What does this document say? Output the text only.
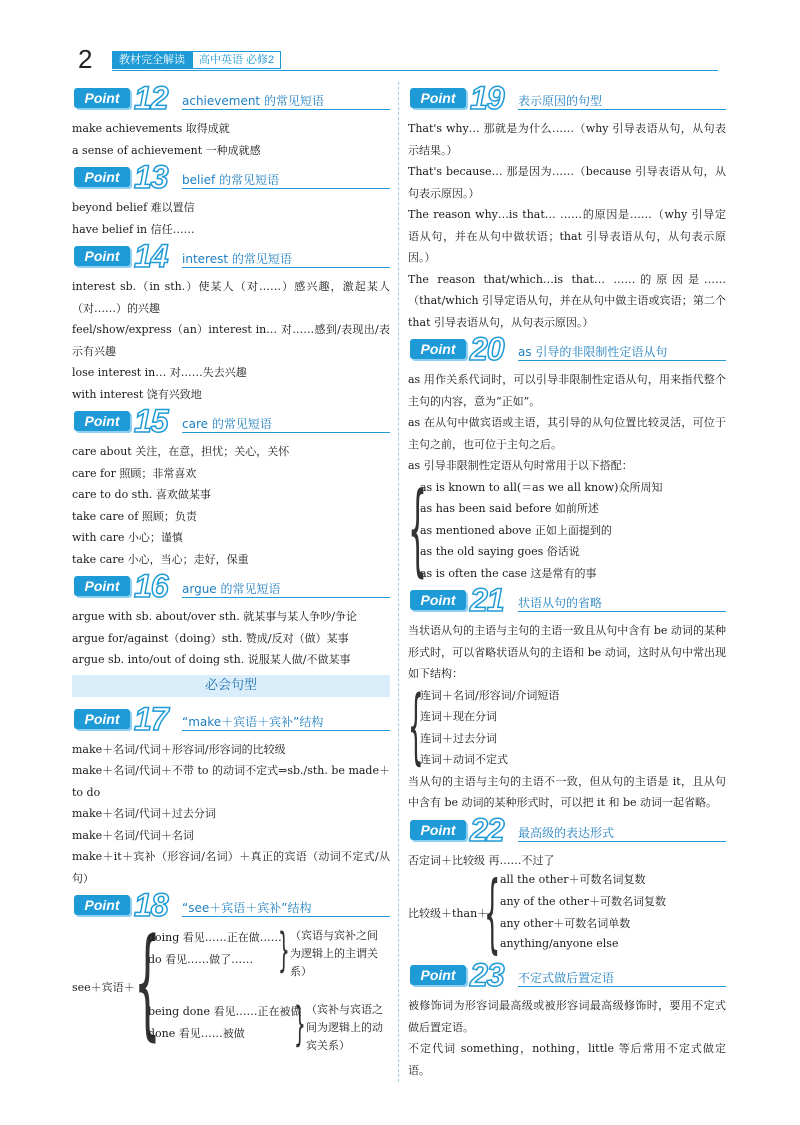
2	教材完全解读	高中英语 必修2
Point 12 achievement 的常见短语

make achievements 取得成就

a sense of achievement 一种成就感

Point 13 belief 的常见短语

beyond belief 难以置信

have belief in 信任……

Point 14 interest 的常见短语

interest sb.（in sth.）使某人（对……）感兴趣，激起某人（对……）的兴趣

feel/show/express（an）interest in… 对……感到/表现出/表示有兴趣

lose interest in… 对……失去兴趣

with interest 饶有兴致地

Point 15 care 的常见短语

care about 关注，在意，担忧；关心，关怀

care for 照顾；非常喜欢

care to do sth. 喜欢做某事

take care of 照顾；负责

with care 小心；谨慎

take care 小心，当心；走好，保重

Point 16 argue 的常见短语

argue with sb. about/over sth. 就某事与某人争吵/争论

argue for/against（doing）sth. 赞成/反对（做）某事

argue sb. into/out of doing sth. 说服某人做/不做某事

必会句型
Point 17 “make＋宾语＋宾补”结构

make＋名词/代词＋形容词/形容词的比较级

make＋名词/代词＋不带 to 的动词不定式⇒sb./sth. be made＋to do

make＋名词/代词＋过去分词

make＋名词/代词＋名词

make＋it＋宾补（形容词/名词）＋真正的宾语（动词不定式/从句）

Point 18 “see＋宾语＋宾补”结构
see＋宾语＋ {
doing 看见……正在做……
do 看见……做了…… } （宾语与宾补之间为逻辑上的主谓关系）
being done 看见……正在被做
done 看见……被做 } （宾补与宾语之间为逻辑上的动宾关系）
Point 19 表示原因的句型

That's why… 那就是为什么……（why 引导表语从句，从句表示结果。）

That's because… 那是因为……（because 引导表语从句，从句表示原因。）

The reason why…is that… ……的原因是……（why 引导定语从句，并在从句中做状语；that 引导表语从句，从句表示原因。）

The reason that/which…is that… ……的原因是……（that/which 引导定语从句，并在从句中做主语或宾语；第二个 that 引导表语从句，从句表示原因。）

Point 20 as 引导的非限制性定语从句

as 用作关系代词时，可以引导非限制性定语从句，用来指代整个主句的内容，意为“正如”。

as 在从句中做宾语或主语，其引导的从句位置比较灵活，可位于主句之前，也可位于主句之后。

as 引导非限制性定语从句时常用于以下搭配：

{

as is known to all(＝as we all know)众所周知

as has been said before 如前所述

as mentioned above 正如上面提到的

as the old saying goes 俗话说

as is often the case 这是常有的事

Point 21 状语从句的省略

当状语从句的主语与主句的主语一致且从句中含有 be 动词的某种形式时，可以省略状语从句的主语和 be 动词，这时从句中常出现如下结构：

{

连词＋名词/形容词/介词短语

连词＋现在分词

连词＋过去分词

连词＋动词不定式

当从句的主语与主句的主语不一致，但从句的主语是 it，且从句中含有 be 动词的某种形式时，可以把 it 和 be 动词一起省略。

Point 22 最高级的表达形式

否定词＋比较级 再……不过了

比较级＋than＋
{ all the other＋可数名词复数
any of the other＋可数名词复数
any other＋可数名词单数
anything/anyone else
Point 23 不定式做后置定语

被修饰词为形容词最高级或被形容词最高级修饰时，要用不定式做后置定语。

不定代词 something，nothing，little 等后常用不定式做定语。
